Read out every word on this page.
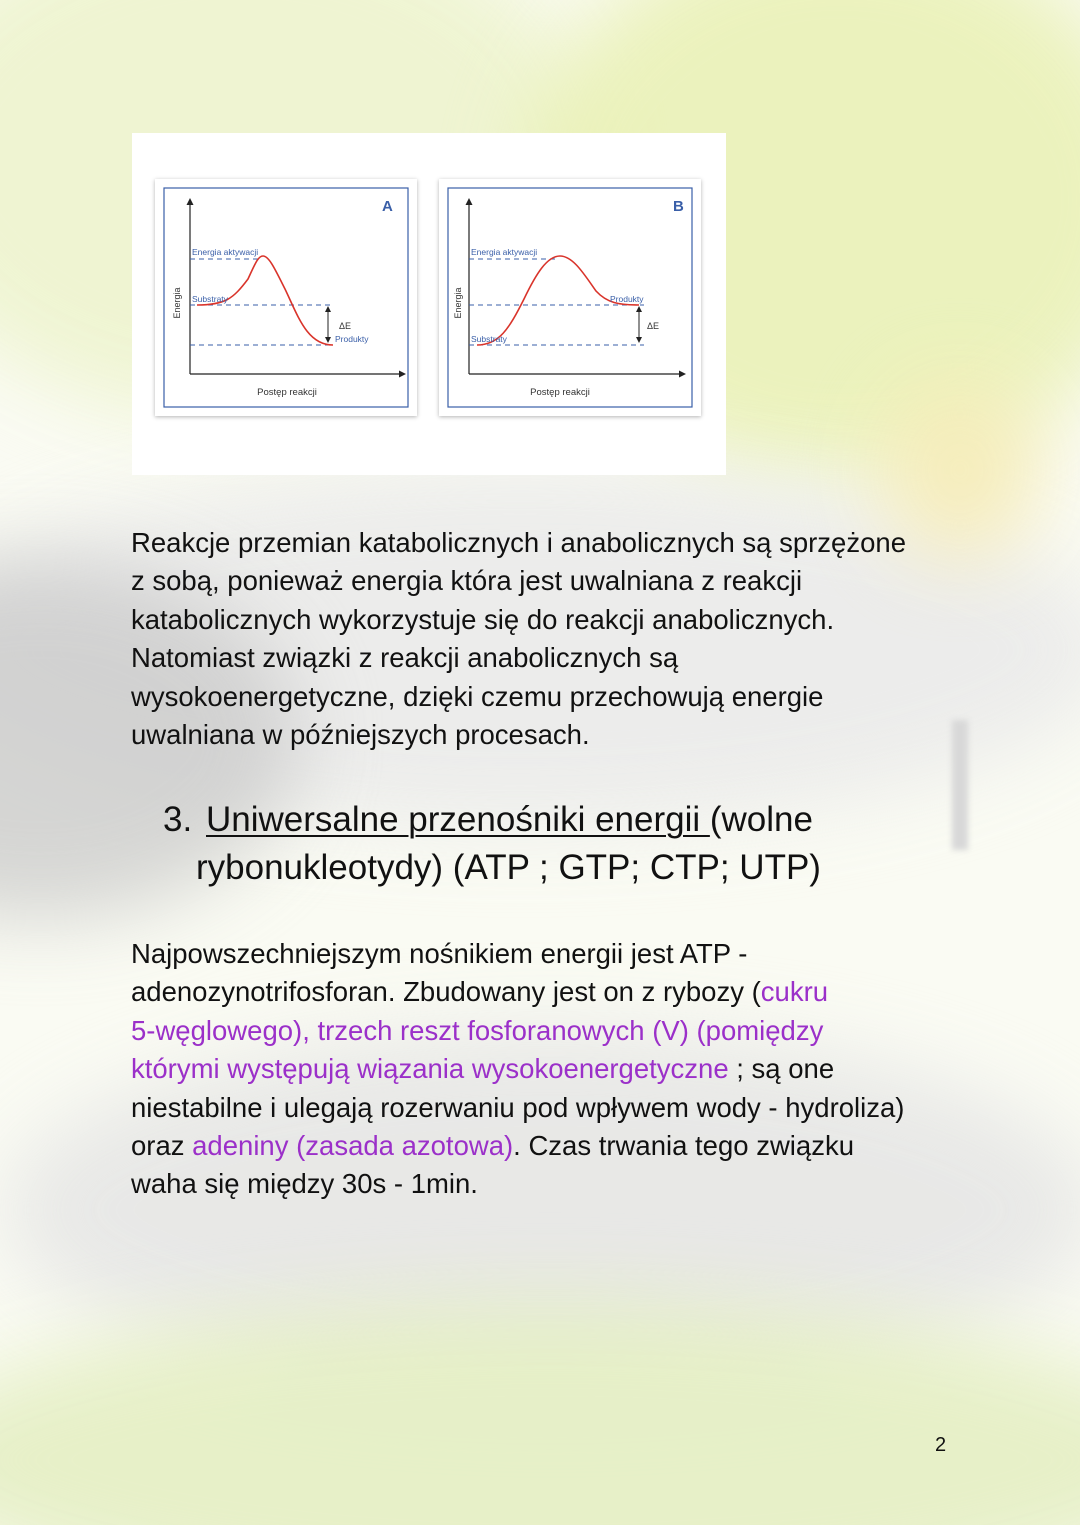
A
Energia
Postęp reakcji
Energia aktywacji
Substraty
ΔE
Produkty
B
Energia
Postęp reakcji
Energia aktywacji
Produkty
ΔE
Substraty

Reakcje przemian katabolicznych i anabolicznych są sprzężone
z sobą, ponieważ energia która jest uwalniana z reakcji
katabolicznych wykorzystuje się do reakcji anabolicznych.
Natomiast związki z reakcji anabolicznych są
wysokoenergetyczne, dzięki czemu przechowują energie
uwalniana w późniejszych procesach.

3. Uniwersalne przenośniki energii (wolne
rybonukleotydy) (ATP ; GTP; CTP; UTP)

Najpowszechniejszym nośnikiem energii jest ATP -
adenozynotrifosforan. Zbudowany jest on z rybozy (cukru
5-węglowego), trzech reszt fosforanowych (V) (pomiędzy
którymi występują wiązania wysokoenergetyczne ; są one
niestabilne i ulegają rozerwaniu pod wpływem wody - hydroliza)
oraz adeniny (zasada azotowa). Czas trwania tego związku
waha się między 30s - 1min.

2
